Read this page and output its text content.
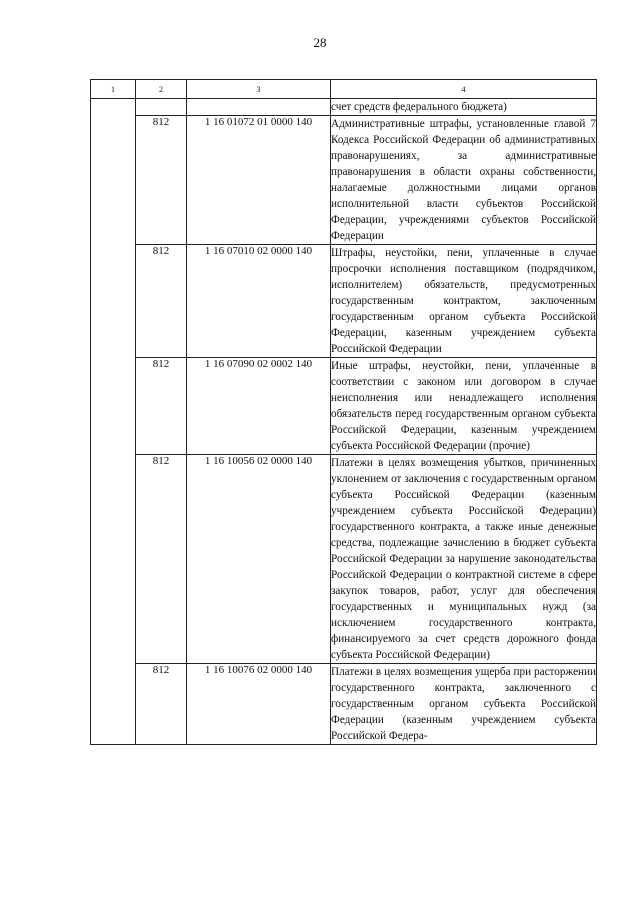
28
1	2	3	4
			счет средств федерального бюджета)
	812	1 16 01072 01 0000 140	Административные штрафы, установленные главой 7 Кодекса Российской Федерации об административных правонарушениях, за административные правонарушения в области охраны собственности, налагаемые должностными лицами органов исполнительной власти субъектов Российской Федерации, учреждениями субъектов Российской Федерации
	812	1 16 07010 02 0000 140	Штрафы, неустойки, пени, уплаченные в случае просрочки исполнения поставщиком (подрядчиком, исполнителем) обязательств, предусмотренных государственным контрактом, заключенным государственным органом субъекта Российской Федерации, казенным учреждением субъекта Российской Федерации
	812	1 16 07090 02 0002 140	Иные штрафы, неустойки, пени, уплаченные в соответствии с законом или договором в случае неисполнения или ненадлежащего исполнения обязательств перед государственным органом субъекта Российской Федерации, казенным учреждением субъекта Российской Федерации (прочие)
	812	1 16 10056 02 0000 140	Платежи в целях возмещения убытков, причиненных уклонением от заключения с государственным органом субъекта Российской Федерации (казенным учреждением субъекта Российской Федерации) государственного контракта, а также иные денежные средства, подлежащие зачислению в бюджет субъекта Российской Федерации за нарушение законодательства Российской Федерации о контрактной системе в сфере закупок товаров, работ, услуг для обеспечения государственных и муниципальных нужд (за исключением государственного контракта, финансируемого за счет средств дорожного фонда субъекта Российской Федерации)
	812	1 16 10076 02 0000 140	Платежи в целях возмещения ущерба при расторжении государственного контракта, заключенного с государственным органом субъекта Российской Федерации (казенным учреждением субъекта Российской Федера-
